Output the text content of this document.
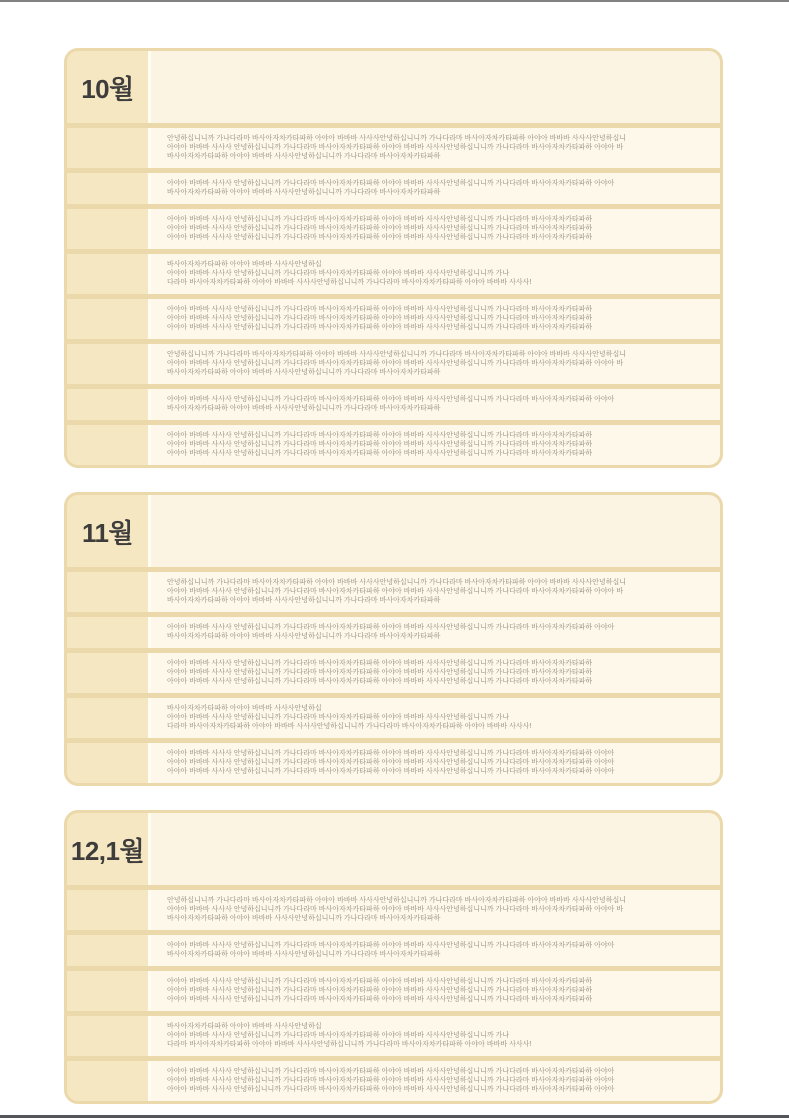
10월
안녕하십니니까 가나다라마 바사아자차카타파하 아야아 바바바 사사사안녕하십니니까 가나다라마 바사아자차카타파하 아야아 바바바 사사사안녕하십니
아야아 바바바 사사사 안녕하십니니까 가나다라마 바사아자차카타파하 아야아 바바바 사사사안녕하십니니까 가나다라마 바사아자차카타파하 아야아 바
바사아자차카타파하 아야아 바바바 사사사안녕하십니니까 가나다라마 바사아자차카타파하
아야아 바바바 사사사 안녕하십니니까 가나다라마 바사아자차카타파하 아야아 바바바 사사사안녕하십니니까 가나다라마 바사아자차카타파하 아야아
바사아자차카타파하 아야아 바바바 사사사안녕하십니니까 가나다라마 바사아자차카타파하
아야아 바바바 사사사 안녕하십니니까 가나다라마 바사아자차카타파하 아야아 바바바 사사사안녕하십니니까 가나다라마 바사아자차카타파하
아야아 바바바 사사사 안녕하십니니까 가나다라마 바사아자차카타파하 아야아 바바바 사사사안녕하십니니까 가나다라마 바사아자차카타파하
아야아 바바바 사사사 안녕하십니니까 가나다라마 바사아자차카타파하 아야아 바바바 사사사안녕하십니니까 가나다라마 바사아자차카타파하
바사아자차카타파하 아야아 바바바 사사사안녕하십
아야아 바바바 사사사 안녕하십니니까 가나다라마 바사아자차카타파하 아야아 바바바 사사사안녕하십니니까 가나
다라마 바사아자차카타파하 아야아 바바바 사사사안녕하십니니까 가나다라마 바사아자차카타파하 아야아 바바바 사사사!
아야아 바바바 사사사 안녕하십니니까 가나다라마 바사아자차카타파하 아야아 바바바 사사사안녕하십니니까 가나다라마 바사아자차카타파하
아야아 바바바 사사사 안녕하십니니까 가나다라마 바사아자차카타파하 아야아 바바바 사사사안녕하십니니까 가나다라마 바사아자차카타파하
아야아 바바바 사사사 안녕하십니니까 가나다라마 바사아자차카타파하 아야아 바바바 사사사안녕하십니니까 가나다라마 바사아자차카타파하
안녕하십니니까 가나다라마 바사아자차카타파하 아야아 바바바 사사사안녕하십니니까 가나다라마 바사아자차카타파하 아야아 바바바 사사사안녕하십니
아야아 바바바 사사사 안녕하십니니까 가나다라마 바사아자차카타파하 아야아 바바바 사사사안녕하십니니까 가나다라마 바사아자차카타파하 아야아 바
바사아자차카타파하 아야아 바바바 사사사안녕하십니니까 가나다라마 바사아자차카타파하
아야아 바바바 사사사 안녕하십니니까 가나다라마 바사아자차카타파하 아야아 바바바 사사사안녕하십니니까 가나다라마 바사아자차카타파하 아야아
바사아자차카타파하 아야아 바바바 사사사안녕하십니니까 가나다라마 바사아자차카타파하
아야아 바바바 사사사 안녕하십니니까 가나다라마 바사아자차카타파하 아야아 바바바 사사사안녕하십니니까 가나다라마 바사아자차카타파하
아야아 바바바 사사사 안녕하십니니까 가나다라마 바사아자차카타파하 아야아 바바바 사사사안녕하십니니까 가나다라마 바사아자차카타파하
아야아 바바바 사사사 안녕하십니니까 가나다라마 바사아자차카타파하 아야아 바바바 사사사안녕하십니니까 가나다라마 바사아자차카타파하
11월
안녕하십니니까 가나다라마 바사아자차카타파하 아야아 바바바 사사사안녕하십니니까 가나다라마 바사아자차카타파하 아야아 바바바 사사사안녕하십니
아야아 바바바 사사사 안녕하십니니까 가나다라마 바사아자차카타파하 아야아 바바바 사사사안녕하십니니까 가나다라마 바사아자차카타파하 아야아 바
바사아자차카타파하 아야아 바바바 사사사안녕하십니니까 가나다라마 바사아자차카타파하
아야아 바바바 사사사 안녕하십니니까 가나다라마 바사아자차카타파하 아야아 바바바 사사사안녕하십니니까 가나다라마 바사아자차카타파하 아야아
바사아자차카타파하 아야아 바바바 사사사안녕하십니니까 가나다라마 바사아자차카타파하
아야아 바바바 사사사 안녕하십니니까 가나다라마 바사아자차카타파하 아야아 바바바 사사사안녕하십니니까 가나다라마 바사아자차카타파하
아야아 바바바 사사사 안녕하십니니까 가나다라마 바사아자차카타파하 아야아 바바바 사사사안녕하십니니까 가나다라마 바사아자차카타파하
아야아 바바바 사사사 안녕하십니니까 가나다라마 바사아자차카타파하 아야아 바바바 사사사안녕하십니니까 가나다라마 바사아자차카타파하
바사아자차카타파하 아야아 바바바 사사사안녕하십
아야아 바바바 사사사 안녕하십니니까 가나다라마 바사아자차카타파하 아야아 바바바 사사사안녕하십니니까 가나
다라마 바사아자차카타파하 아야아 바바바 사사사안녕하십니니까 가나다라마 바사아자차카타파하 아야아 바바바 사사사!
아야아 바바바 사사사 안녕하십니니까 가나다라마 바사아자차카타파하 아야아 바바바 사사사안녕하십니니까 가나다라마 바사아자차카타파하 아야아
아야아 바바바 사사사 안녕하십니니까 가나다라마 바사아자차카타파하 아야아 바바바 사사사안녕하십니니까 가나다라마 바사아자차카타파하 아야아
아야아 바바바 사사사 안녕하십니니까 가나다라마 바사아자차카타파하 아야아 바바바 사사사안녕하십니니까 가나다라마 바사아자차카타파하 아야아
12,1월
안녕하십니니까 가나다라마 바사아자차카타파하 아야아 바바바 사사사안녕하십니니까 가나다라마 바사아자차카타파하 아야아 바바바 사사사안녕하십니
아야아 바바바 사사사 안녕하십니니까 가나다라마 바사아자차카타파하 아야아 바바바 사사사안녕하십니니까 가나다라마 바사아자차카타파하 아야아 바
바사아자차카타파하 아야아 바바바 사사사안녕하십니니까 가나다라마 바사아자차카타파하
아야아 바바바 사사사 안녕하십니니까 가나다라마 바사아자차카타파하 아야아 바바바 사사사안녕하십니니까 가나다라마 바사아자차카타파하 아야아
바사아자차카타파하 아야아 바바바 사사사안녕하십니니까 가나다라마 바사아자차카타파하
아야아 바바바 사사사 안녕하십니니까 가나다라마 바사아자차카타파하 아야아 바바바 사사사안녕하십니니까 가나다라마 바사아자차카타파하
아야아 바바바 사사사 안녕하십니니까 가나다라마 바사아자차카타파하 아야아 바바바 사사사안녕하십니니까 가나다라마 바사아자차카타파하
아야아 바바바 사사사 안녕하십니니까 가나다라마 바사아자차카타파하 아야아 바바바 사사사안녕하십니니까 가나다라마 바사아자차카타파하
바사아자차카타파하 아야아 바바바 사사사안녕하십
아야아 바바바 사사사 안녕하십니니까 가나다라마 바사아자차카타파하 아야아 바바바 사사사안녕하십니니까 가나
다라마 바사아자차카타파하 아야아 바바바 사사사안녕하십니니까 가나다라마 바사아자차카타파하 아야아 바바바 사사사!
아야아 바바바 사사사 안녕하십니니까 가나다라마 바사아자차카타파하 아야아 바바바 사사사안녕하십니니까 가나다라마 바사아자차카타파하 아야아
아야아 바바바 사사사 안녕하십니니까 가나다라마 바사아자차카타파하 아야아 바바바 사사사안녕하십니니까 가나다라마 바사아자차카타파하 아야아
아야아 바바바 사사사 안녕하십니니까 가나다라마 바사아자차카타파하 아야아 바바바 사사사안녕하십니니까 가나다라마 바사아자차카타파하 아야아
